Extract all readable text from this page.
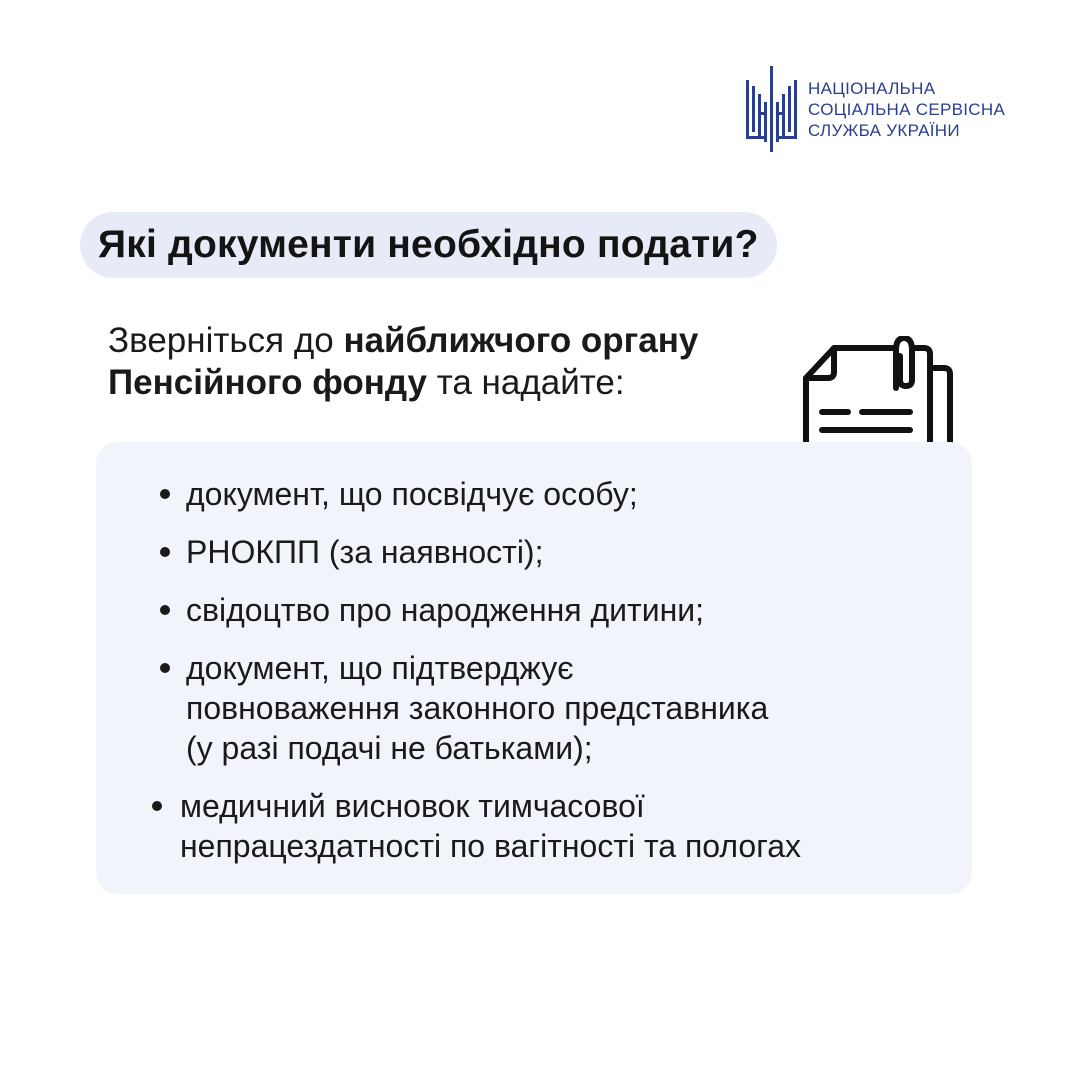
НАЦІОНАЛЬНА
СОЦІАЛЬНА СЕРВІСНА
СЛУЖБА УКРАЇНИ
Які документи необхідно подати?
Зверніться до найближчого органу
Пенсійного фонду та надайте:
документ, що посвідчує особу;
РНОКПП (за наявності);
свідоцтво про народження дитини;
документ, що підтверджує
повноваження законного представника
(у разі подачі не батьками);
медичний висновок тимчасової
непрацездатності по вагітності та пологах
